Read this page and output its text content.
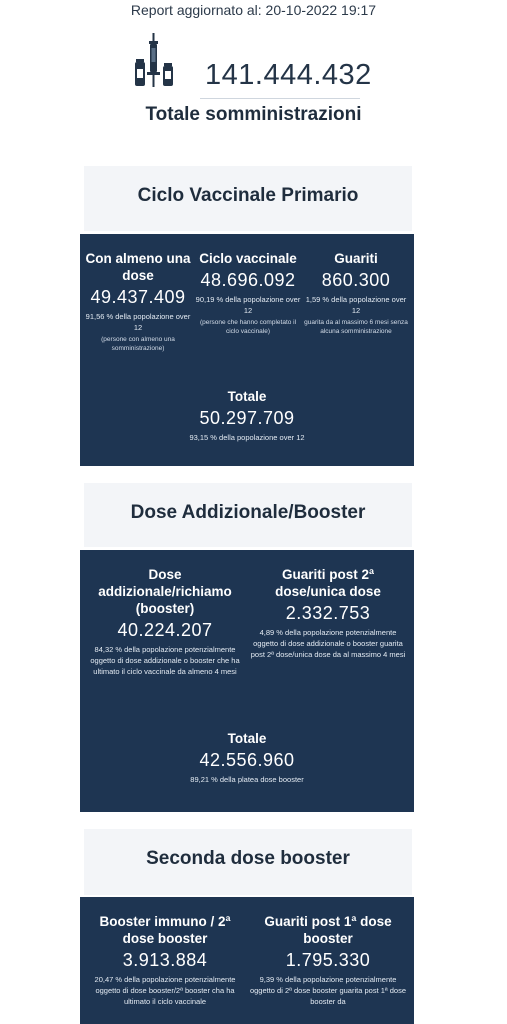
Report aggiornato al: 20-10-2022 19:17
141.444.432
Totale somministrazioni
Ciclo Vaccinale Primario
Con almeno una dose
49.437.409
91,56 % della popolazione over 12
(persone con almeno una somministrazione)
Ciclo vaccinale
48.696.092
90,19 % della popolazione over 12
(persone che hanno completato il ciclo vaccinale)
Guariti
860.300
1,59 % della popolazione over 12
guarita da al massimo 6 mesi senza alcuna somministrazione
Totale
50.297.709
93,15 % della popolazione over 12
Dose Addizionale/Booster
Dose addizionale/richiamo (booster)
40.224.207
84,32 % della popolazione potenzialmente oggetto di dose addizionale o booster che ha ultimato il ciclo vaccinale da almeno 4 mesi
Guariti post 2ª dose/unica dose
2.332.753
4,89 % della popolazione potenzialmente oggetto di dose addizionale o booster guarita post 2ª dose/unica dose da al massimo 4 mesi
Totale
42.556.960
89,21 % della platea dose booster
Seconda dose booster
Booster immuno / 2ª dose booster
3.913.884
20,47 % della popolazione potenzialmente oggetto di dose booster/2ª booster cha ha ultimato il ciclo vaccinale
Guariti post 1ª dose booster
1.795.330
9,39 % della popolazione potenzialmente oggetto di 2ª dose booster guarita post 1ª dose booster da
